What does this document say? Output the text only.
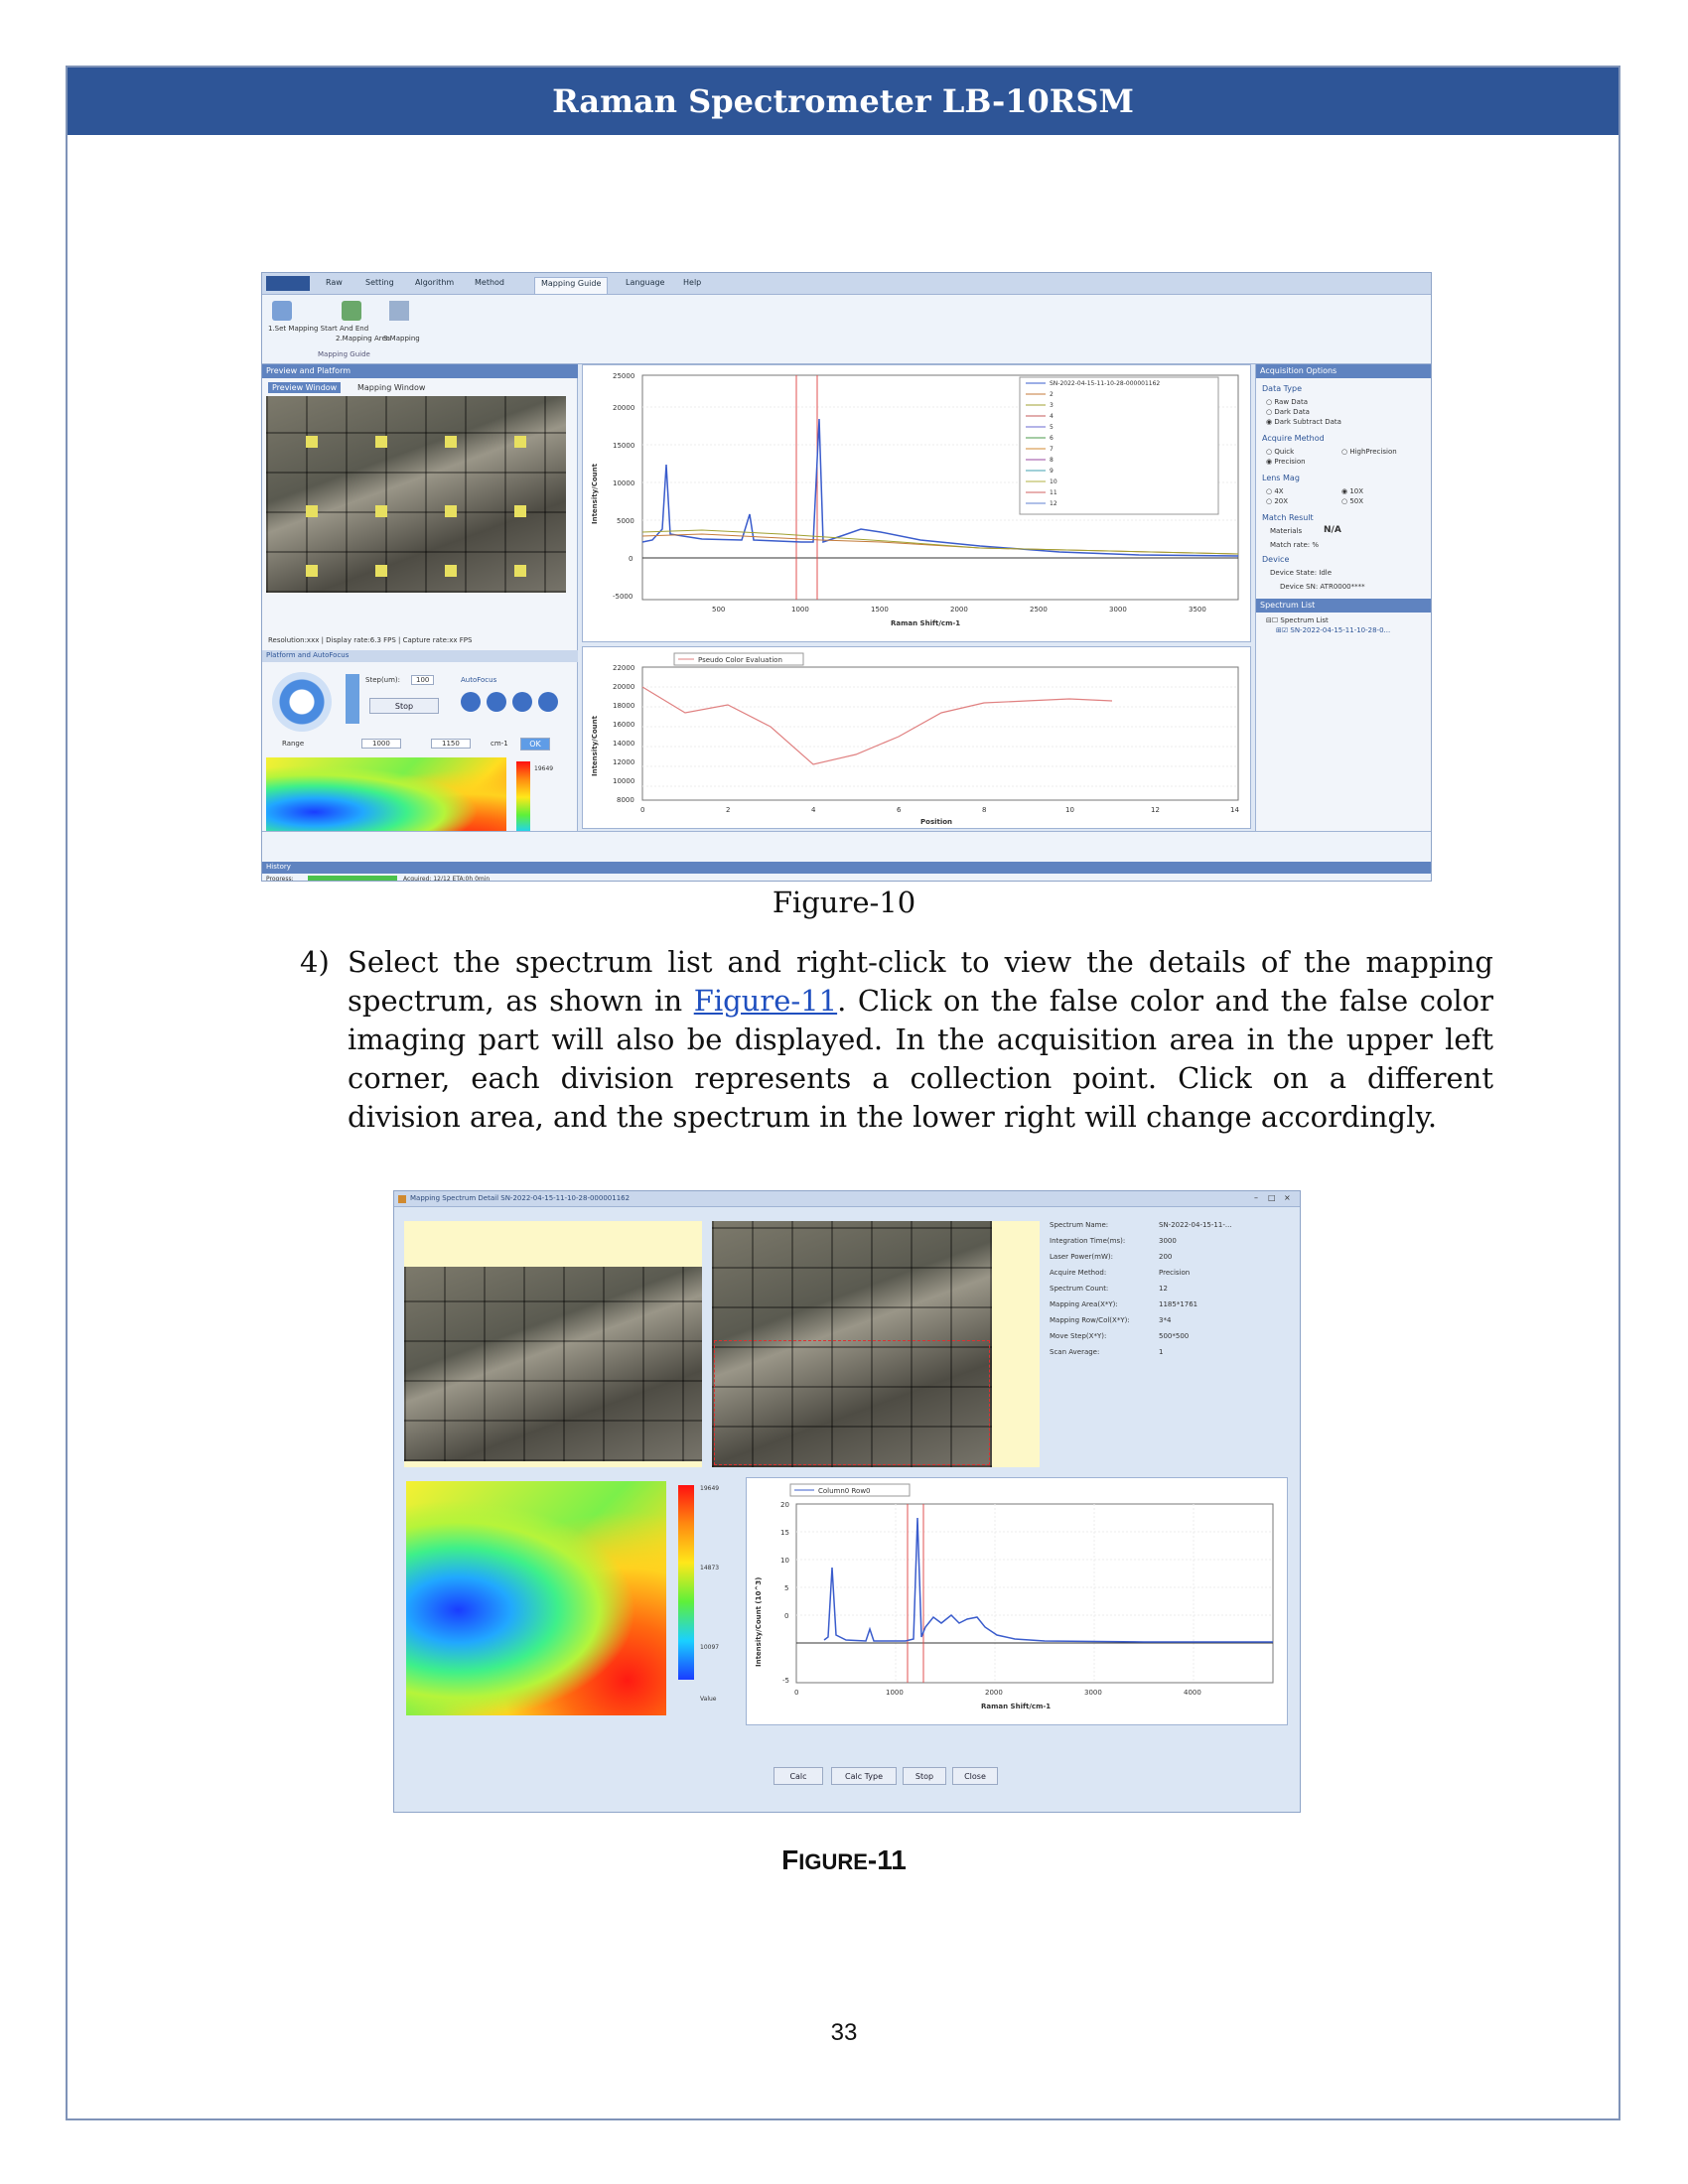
Raman Spectrometer LB-10RSM
Raw	Setting	Algorithm	Method	Mapping Guide	Language	Help
1.Set Mapping Start And End
2.Mapping Area
3.Mapping
Mapping Guide
Preview and Platform
Preview Window	Mapping Window
Resolution:xxx | Display rate:6.3 FPS | Capture rate:xx FPS
Platform and AutoFocus
Step(um):	100	AutoFocus
Stop
Range	1000	1150	cm-1	OK
19649
25000
20000
15000
10000
5000
0
-5000
500	1000	1500	2000	2500	3000	3500
Raman Shift/cm-1
Intensity/Count
SN-2022-04-15-11-10-28-000001162
2
3
4
5
6
7
8
9
10
11
12
Pseudo Color Evaluation
22000
20000
18000
16000
14000
12000
10000
8000
0	2	4	6	8	10	12	14
Position
Intensity/Count
Acquisition Options
Data Type
○ Raw Data
○ Dark Data
◉ Dark Subtract Data
Acquire Method
○ Quick	○ HighPrecision
◉ Precision
Lens Mag
○ 4X	◉ 10X
○ 20X	○ 50X
Match Result
Materials N/A
Match rate: %
Device
Device State: Idle
Device SN: ATR0000****
Spectrum List
⊟☐ Spectrum List
⊞☑ SN-2022-04-15-11-10-28-0...
History
Progress:	Acquired: 12/12 ETA:0h 0min
Figure-10
4) Select the spectrum list and right-click to view the details of the mapping spectrum, as shown in Figure-11. Click on the false color and the false color imaging part will also be displayed. In the acquisition area in the upper left corner, each division represents a collection point. Click on a different division area, and the spectrum in the lower right will change accordingly.
Mapping Spectrum Detail SN-2022-04-15-11-10-28-000001162	– □ ×
Spectrum Name:	SN-2022-04-15-11-...
Integration Time(ms):	3000
Laser Power(mW):	200
Acquire Method:	Precision
Spectrum Count:	12
Mapping Area(X*Y):	1185*1761
Mapping Row/Col(X*Y):	3*4
Move Step(X*Y):	500*500
Scan Average:	1
19649
14873
10097
Value
Column0 Row0
20
15
10
5
0
-5
0	1000	2000	3000	4000
Raman Shift/cm-1
Intensity/Count (10^3)
Calc	Calc Type	Stop	Close
FIGURE-11
33
